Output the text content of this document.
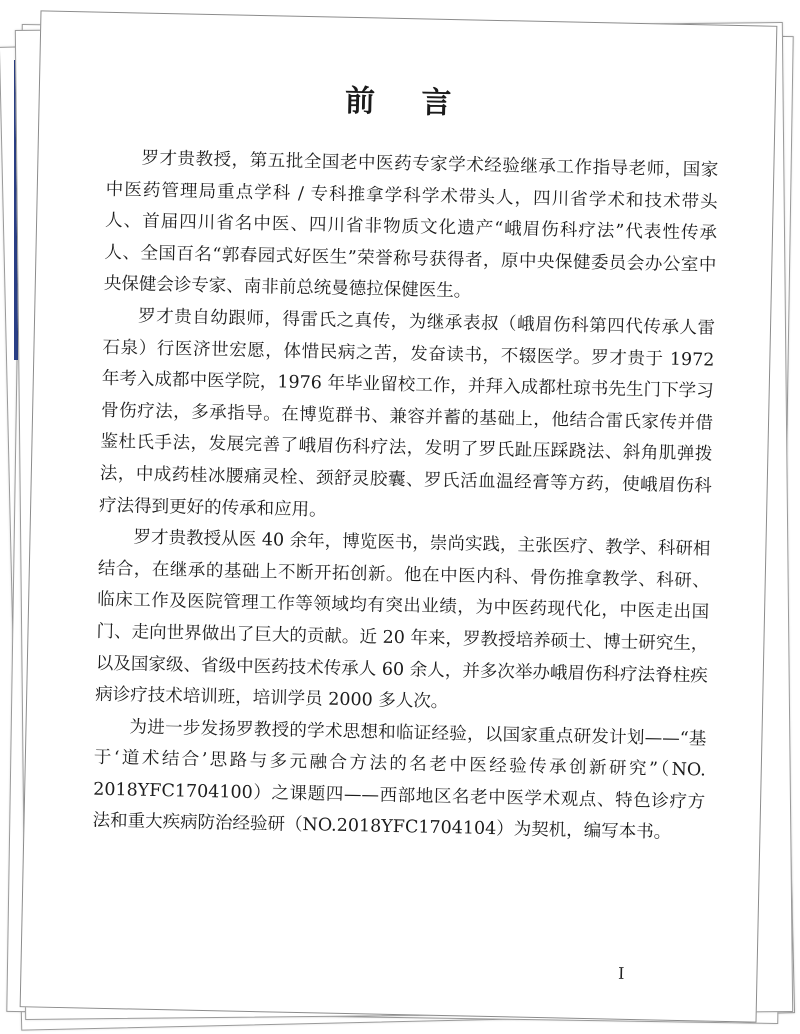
前 言

罗才贵教授，第五批全国老中医药专家学术经验继承工作指导老师，国家中医药管理局重点学科 / 专科推拿学科学术带头人，四川省学术和技术带头人、首届四川省名中医、四川省非物质文化遗产“峨眉伤科疗法”代表性传承人、全国百名“郭春园式好医生”荣誉称号获得者，原中央保健委员会办公室中央保健会诊专家、南非前总统曼德拉保健医生。

罗才贵自幼跟师，得雷氏之真传，为继承表叔（峨眉伤科第四代传承人雷石泉）行医济世宏愿，体惜民病之苦，发奋读书，不辍医学。罗才贵于 1972 年考入成都中医学院，1976 年毕业留校工作，并拜入成都杜琼书先生门下学习骨伤疗法，多承指导。在博览群书、兼容并蓄的基础上，他结合雷氏家传并借鉴杜氏手法，发展完善了峨眉伤科疗法，发明了罗氏趾压踩跷法、斜角肌弹拨法，中成药桂冰腰痛灵栓、颈舒灵胶囊、罗氏活血温经膏等方药，使峨眉伤科疗法得到更好的传承和应用。

罗才贵教授从医 40 余年，博览医书，崇尚实践，主张医疗、教学、科研相结合，在继承的基础上不断开拓创新。他在中医内科、骨伤推拿教学、科研、临床工作及医院管理工作等领域均有突出业绩，为中医药现代化，中医走出国门、走向世界做出了巨大的贡献。近 20 年来，罗教授培养硕士、博士研究生，以及国家级、省级中医药技术传承人 60 余人，并多次举办峨眉伤科疗法脊柱疾病诊疗技术培训班，培训学员 2000 多人次。

为进一步发扬罗教授的学术思想和临证经验，以国家重点研发计划——“基于‘道术结合’思路与多元融合方法的名老中医经验传承创新研究”（NO. 2018YFC1704100）之课题四——西部地区名老中医学术观点、特色诊疗方法和重大疾病防治经验研（NO.2018YFC1704104）为契机，编写本书。

I
